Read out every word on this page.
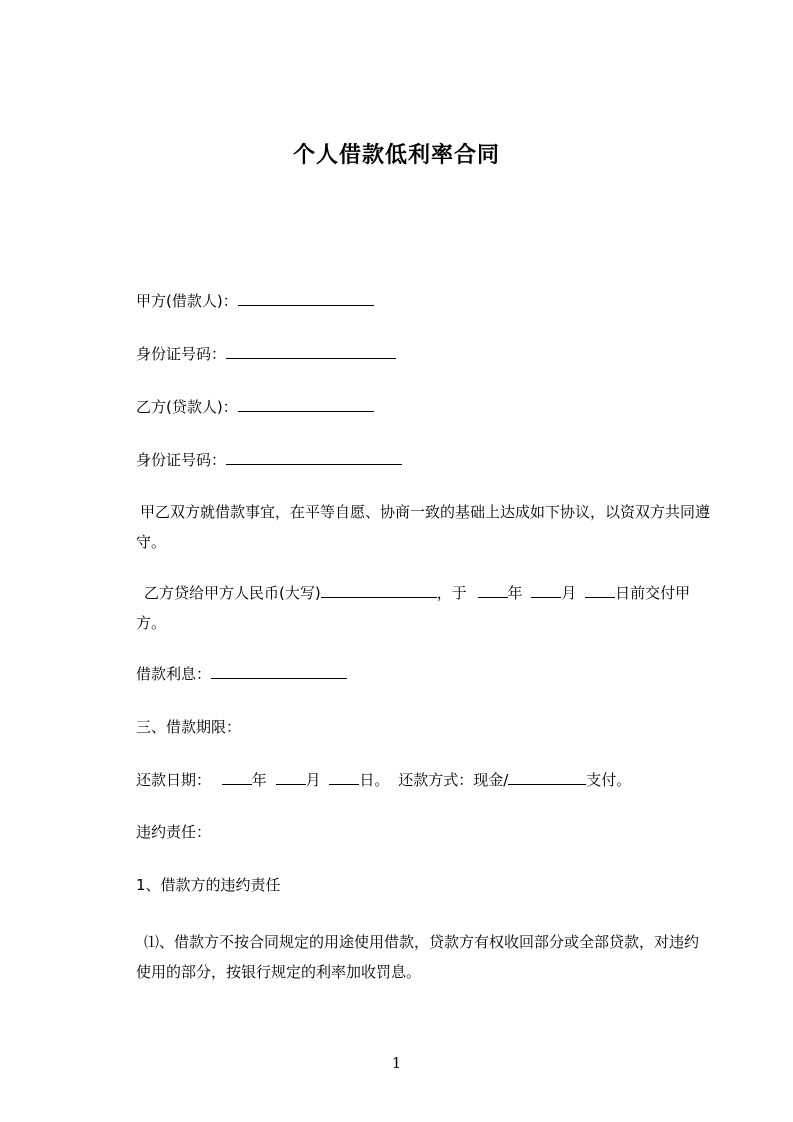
个人借款低利率合同
甲方(借款人)：
身份证号码：
乙方(贷款人)：
身份证号码：
甲乙双方就借款事宜，在平等自愿、协商一致的基础上达成如下协议，以资双方共同遵守。
乙方贷给甲方人民币(大写)	，于	年	月	日前交付甲方。
借款利息：
三、借款期限：
还款日期：	年	月	日。 还款方式：现金/	支付。
违约责任：
1、借款方的违约责任
⑴、借款方不按合同规定的用途使用借款，贷款方有权收回部分或全部贷款，对违约使用的部分，按银行规定的利率加收罚息。
1
